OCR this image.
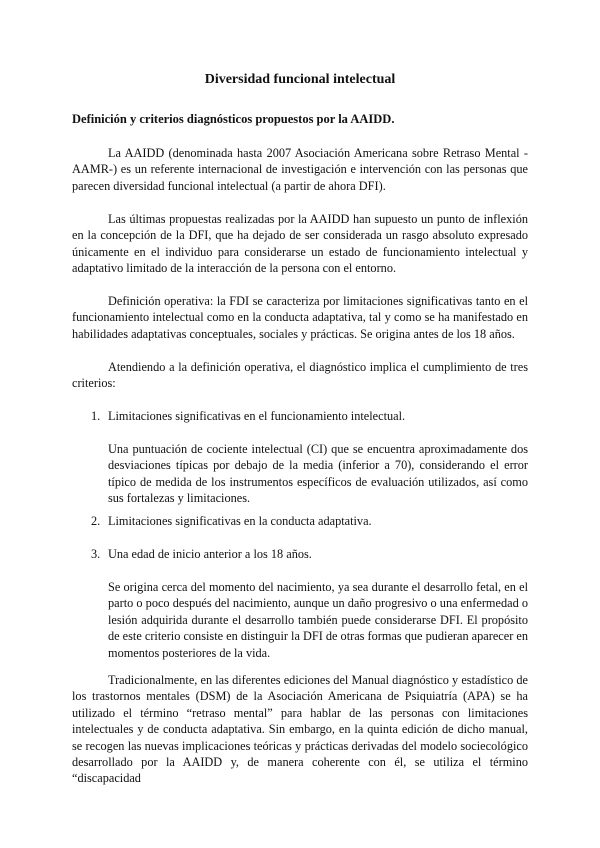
Diversidad funcional intelectual
Definición y criterios diagnósticos propuestos por la AAIDD.

La AAIDD (denominada hasta 2007 Asociación Americana sobre Retraso Mental -AAMR-) es un referente internacional de investigación e intervención con las personas que parecen diversidad funcional intelectual (a partir de ahora DFI).

Las últimas propuestas realizadas por la AAIDD han supuesto un punto de inflexión en la concepción de la DFI, que ha dejado de ser considerada un rasgo absoluto expresado únicamente en el individuo para considerarse un estado de funcionamiento intelectual y adaptativo limitado de la interacción de la persona con el entorno.

Definición operativa: la FDI se caracteriza por limitaciones significativas tanto en el funcionamiento intelectual como en la conducta adaptativa, tal y como se ha manifestado en habilidades adaptativas conceptuales, sociales y prácticas. Se origina antes de los 18 años.

Atendiendo a la definición operativa, el diagnóstico implica el cumplimiento de tres criterios:

1. Limitaciones significativas en el funcionamiento intelectual.

Una puntuación de cociente intelectual (CI) que se encuentra aproximadamente dos desviaciones típicas por debajo de la media (inferior a 70), considerando el error típico de medida de los instrumentos específicos de evaluación utilizados, así como sus fortalezas y limitaciones.

2. Limitaciones significativas en la conducta adaptativa.

3. Una edad de inicio anterior a los 18 años.

Se origina cerca del momento del nacimiento, ya sea durante el desarrollo fetal, en el parto o poco después del nacimiento, aunque un daño progresivo o una enfermedad o lesión adquirida durante el desarrollo también puede considerarse DFI. El propósito de este criterio consiste en distinguir la DFI de otras formas que pudieran aparecer en momentos posteriores de la vida.

Tradicionalmente, en las diferentes ediciones del Manual diagnóstico y estadístico de los trastornos mentales (DSM) de la Asociación Americana de Psiquiatría (APA) se ha utilizado el término “retraso mental” para hablar de las personas con limitaciones intelectuales y de conducta adaptativa. Sin embargo, en la quinta edición de dicho manual, se recogen las nuevas implicaciones teóricas y prácticas derivadas del modelo sociecológico desarrollado por la AAIDD y, de manera coherente con él, se utiliza el término “discapacidad
